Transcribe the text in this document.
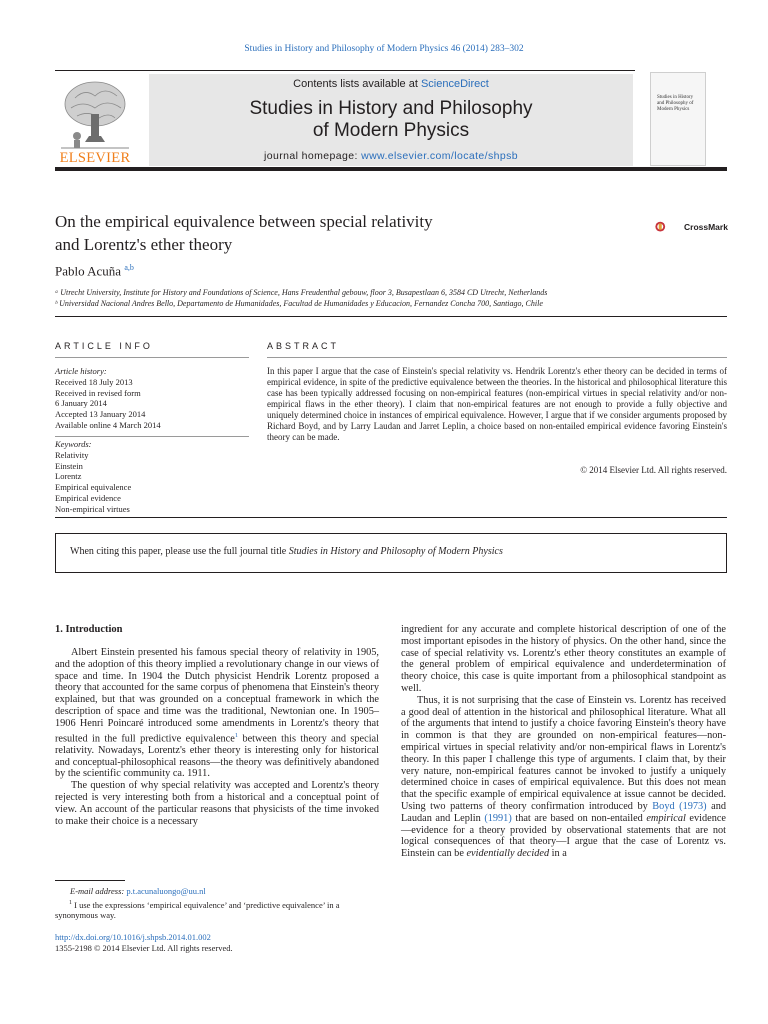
Studies in History and Philosophy of Modern Physics 46 (2014) 283–302
ELSEVIER
Contents lists available at ScienceDirect
Studies in History and Philosophy
of Modern Physics
journal homepage: www.elsevier.com/locate/shpsb
Studies in History and Philosophy of Modern Physics
On the empirical equivalence between special relativity
and Lorentz's ether theory
CrossMark
Pablo Acuña $^{a,b}$
ᵃ Utrecht University, Institute for History and Foundations of Science, Hans Freudenthal gebouw, floor 3, Busapestlaan 6, 3584 CD Utrecht, Netherlands
ᵇ Universidad Nacional Andres Bello, Departamento de Humanidades, Facultad de Humanidades y Educacion, Fernandez Concha 700, Santiago, Chile
ARTICLE INFO	ABSTRACT
Article history:
Received 18 July 2013
Received in revised form
6 January 2014
Accepted 13 January 2014
Available online 4 March 2014
Keywords:
Relativity
Einstein
Lorentz
Empirical equivalence
Empirical evidence
Non-empirical virtues
In this paper I argue that the case of Einstein's special relativity vs. Hendrik Lorentz's ether theory can be decided in terms of empirical evidence, in spite of the predictive equivalence between the theories. In the historical and philosophical literature this case has been typically addressed focusing on non-empirical features (non-empirical virtues in special relativity and/or non-empirical flaws in the ether theory). I claim that non-empirical features are not enough to provide a fully objective and uniquely determined choice in instances of empirical equivalence. However, I argue that if we consider arguments proposed by Richard Boyd, and by Larry Laudan and Jarret Leplin, a choice based on non-entailed empirical evidence favoring Einstein's theory can be made.
© 2014 Elsevier Ltd. All rights reserved.
When citing this paper, please use the full journal title Studies in History and Philosophy of Modern Physics
1. Introduction

Albert Einstein presented his famous special theory of relativity in 1905, and the adoption of this theory implied a revolutionary change in our views of space and time. In 1904 the Dutch physicist Hendrik Lorentz proposed a theory that accounted for the same corpus of phenomena that Einstein's theory explained, but that was grounded on a conceptual framework in which the description of space and time was the traditional, Newtonian one. In 1905–1906 Henri Poincaré introduced some amendments in Lorentz's theory that resulted in the full predictive equivalence$^1$ between this theory and special relativity. Nowadays, Lorentz's ether theory is interesting only for historical and conceptual-philosophical reasons—the theory was definitively abandoned by the scientific community ca. 1911.

The question of why special relativity was accepted and Lorentz's theory rejected is very interesting both from a historical and a conceptual point of view. An account of the particular reasons that physicists of the time invoked to make their choice is a necessary

ingredient for any accurate and complete historical description of one of the most important episodes in the history of physics. On the other hand, since the case of special relativity vs. Lorentz's ether theory constitutes an example of the general problem of empirical equivalence and underdetermination of theory choice, this case is quite important from a philosophical standpoint as well.

Thus, it is not surprising that the case of Einstein vs. Lorentz has received a good deal of attention in the historical and philosophical literature. What all of the arguments that intend to justify a choice favoring Einstein's theory have in common is that they are grounded on non-empirical features—non-empirical virtues in special relativity and/or non-empirical flaws in Lorentz's theory. In this paper I challenge this type of arguments. I claim that, by their very nature, non-empirical features cannot be invoked to justify a uniquely determined choice in cases of empirical equivalence. But this does not mean that the specific example of empirical equivalence at issue cannot be decided. Using two patterns of theory confirmation introduced by Boyd (1973) and Laudan and Leplin (1991) that are based on non-entailed empirical evidence—evidence for a theory provided by observational statements that are not logical consequences of that theory—I argue that the case of Lorentz vs. Einstein can be evidentially decided in a

E-mail address: p.t.acunaluongo@uu.nl
$^1$ I use the expressions ‘empirical equivalence’ and ‘predictive equivalence’ in a synonymous way.
http://dx.doi.org/10.1016/j.shpsb.2014.01.002
1355-2198 © 2014 Elsevier Ltd. All rights reserved.
